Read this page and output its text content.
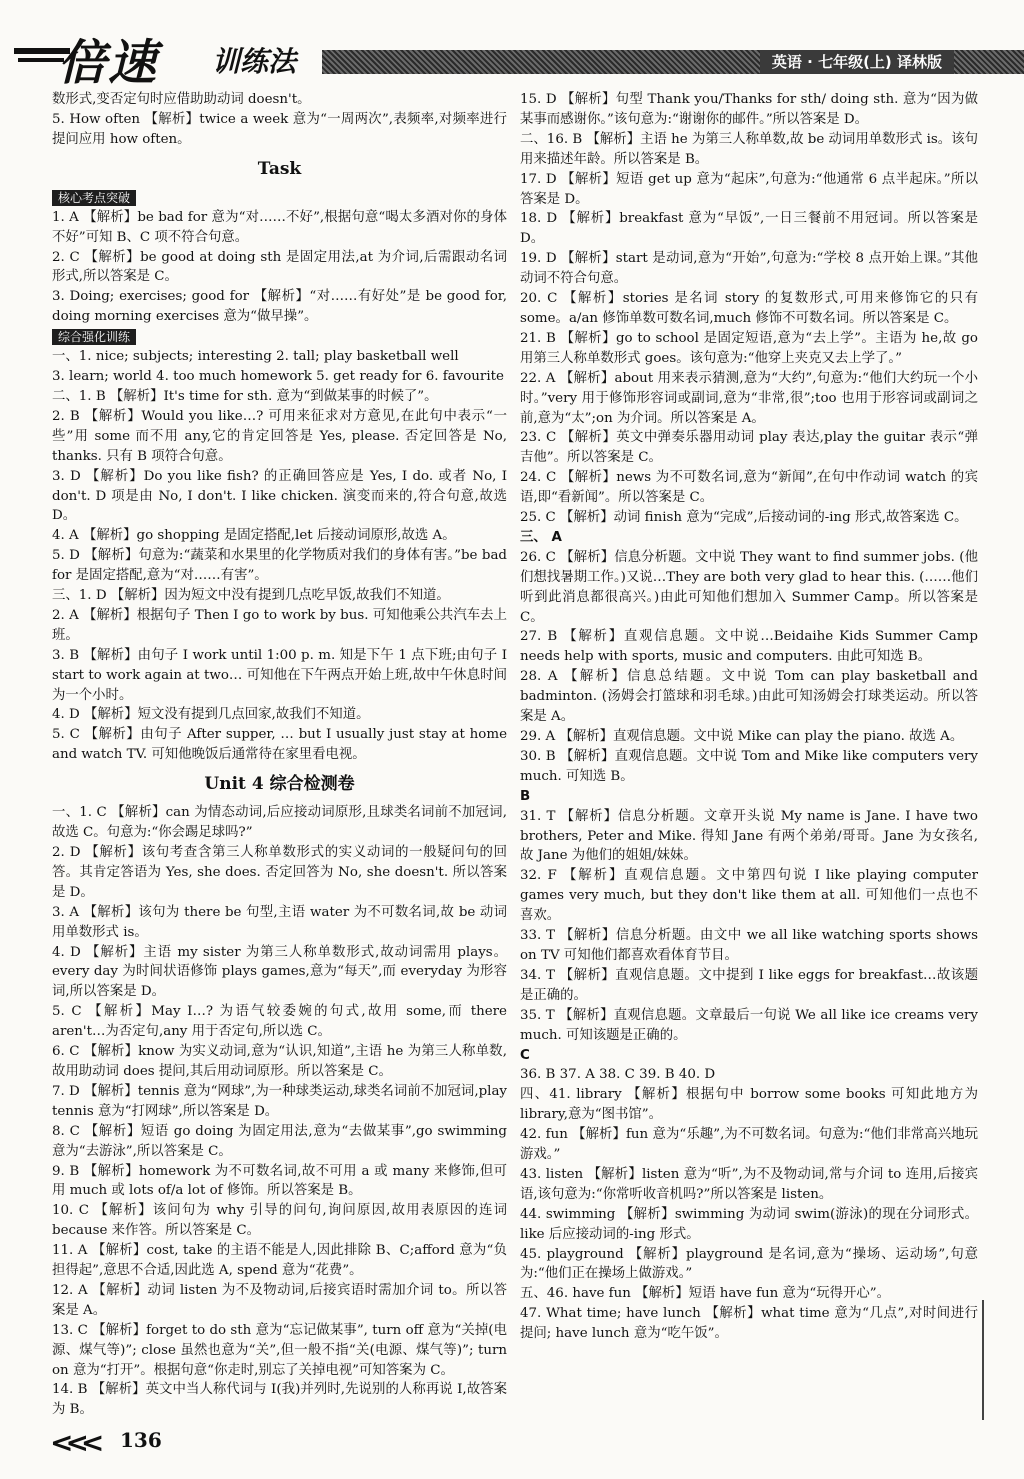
倍速 训练法	英语 · 七年级(上) 译林版

数形式,变否定句时应借助助动词 doesn't。

5. How often 【解析】twice a week 意为“一周两次”,表频率,对频率进行提问应用 how often。

Task
核心考点突破

1. A 【解析】be bad for 意为“对……不好”,根据句意“喝太多酒对你的身体不好”可知 B、C 项不符合句意。

2. C 【解析】be good at doing sth 是固定用法,at 为介词,后需跟动名词形式,所以答案是 C。

3. Doing; exercises; good for 【解析】“对……有好处”是 be good for, doing morning exercises 意为“做早操”。

综合强化训练

一、1. nice; subjects; interesting 2. tall; play basketball well

3. learn; world 4. too much homework 5. get ready for 6. favourite

二、1. B 【解析】It's time for sth. 意为“到做某事的时候了”。

2. B 【解析】Would you like…? 可用来征求对方意见,在此句中表示“一些”用 some 而不用 any,它的肯定回答是 Yes, please. 否定回答是 No, thanks. 只有 B 项符合句意。

3. D 【解析】Do you like fish? 的正确回答应是 Yes, I do. 或者 No, I don't. D 项是由 No, I don't. I like chicken. 演变而来的,符合句意,故选 D。

4. A 【解析】go shopping 是固定搭配,let 后接动词原形,故选 A。

5. D 【解析】句意为:“蔬菜和水果里的化学物质对我们的身体有害。”be bad for 是固定搭配,意为“对……有害”。

三、1. D 【解析】因为短文中没有提到几点吃早饭,故我们不知道。

2. A 【解析】根据句子 Then I go to work by bus. 可知他乘公共汽车去上班。

3. B 【解析】由句子 I work until 1:00 p. m. 知是下午 1 点下班;由句子 I start to work again at two… 可知他在下午两点开始上班,故中午休息时间为一个小时。

4. D 【解析】短文没有提到几点回家,故我们不知道。

5. C 【解析】由句子 After supper, … but I usually just stay at home and watch TV. 可知他晚饭后通常待在家里看电视。

Unit 4 综合检测卷

一、1. C 【解析】can 为情态动词,后应接动词原形,且球类名词前不加冠词,故选 C。句意为:“你会踢足球吗?”

2. D 【解析】该句考查含第三人称单数形式的实义动词的一般疑问句的回答。其肯定答语为 Yes, she does. 否定回答为 No, she doesn't. 所以答案是 D。

3. A 【解析】该句为 there be 句型,主语 water 为不可数名词,故 be 动词用单数形式 is。

4. D 【解析】主语 my sister 为第三人称单数形式,故动词需用 plays。every day 为时间状语修饰 plays games,意为“每天”,而 everyday 为形容词,所以答案是 D。

5. C 【解析】May I…? 为语气较委婉的句式,故用 some,而 there aren't…为否定句,any 用于否定句,所以选 C。

6. C 【解析】know 为实义动词,意为“认识,知道”,主语 he 为第三人称单数,故用助动词 does 提问,其后用动词原形。所以答案是 C。

7. D 【解析】tennis 意为“网球”,为一种球类运动,球类名词前不加冠词,play tennis 意为“打网球”,所以答案是 D。

8. C 【解析】短语 go doing 为固定用法,意为“去做某事”,go swimming 意为“去游泳”,所以答案是 C。

9. B 【解析】homework 为不可数名词,故不可用 a 或 many 来修饰,但可用 much 或 lots of/a lot of 修饰。所以答案是 B。

10. C 【解析】该问句为 why 引导的问句,询问原因,故用表原因的连词 because 来作答。所以答案是 C。

11. A 【解析】cost, take 的主语不能是人,因此排除 B、C;afford 意为“负担得起”,意思不合适,因此选 A, spend 意为“花费”。

12. A 【解析】动词 listen 为不及物动词,后接宾语时需加介词 to。所以答案是 A。

13. C 【解析】forget to do sth 意为“忘记做某事”, turn off 意为“关掉(电源、煤气等)”; close 虽然也意为“关”,但一般不指“关(电源、煤气等)”; turn on 意为“打开”。根据句意“你走时,别忘了关掉电视”可知答案为 C。

14. B 【解析】英文中当人称代词与 I(我)并列时,先说别的人称再说 I,故答案为 B。

15. D 【解析】句型 Thank you/Thanks for sth/ doing sth. 意为“因为做某事而感谢你。”该句意为:“谢谢你的邮件。”所以答案是 D。

二、16. B 【解析】主语 he 为第三人称单数,故 be 动词用单数形式 is。该句用来描述年龄。所以答案是 B。

17. D 【解析】短语 get up 意为“起床”,句意为:“他通常 6 点半起床。”所以答案是 D。

18. D 【解析】breakfast 意为“早饭”,一日三餐前不用冠词。所以答案是 D。

19. D 【解析】start 是动词,意为“开始”,句意为:“学校 8 点开始上课。”其他动词不符合句意。

20. C 【解析】stories 是名词 story 的复数形式,可用来修饰它的只有 some。a/an 修饰单数可数名词,much 修饰不可数名词。所以答案是 C。

21. B 【解析】go to school 是固定短语,意为“去上学”。主语为 he,故 go 用第三人称单数形式 goes。该句意为:“他穿上夹克又去上学了。”

22. A 【解析】about 用来表示猜测,意为“大约”,句意为:“他们大约玩一个小时。”very 用于修饰形容词或副词,意为“非常,很”;too 也用于形容词或副词之前,意为“太”;on 为介词。所以答案是 A。

23. C 【解析】英文中弹奏乐器用动词 play 表达,play the guitar 表示“弹吉他”。所以答案是 C。

24. C 【解析】news 为不可数名词,意为“新闻”,在句中作动词 watch 的宾语,即“看新闻”。所以答案是 C。

25. C 【解析】动词 finish 意为“完成”,后接动词的-ing 形式,故答案选 C。

三、 A

26. C 【解析】信息分析题。文中说 They want to find summer jobs. (他们想找暑期工作。)又说…They are both very glad to hear this. (……他们听到此消息都很高兴。)由此可知他们想加入 Summer Camp。所以答案是 C。

27. B 【解析】直观信息题。文中说…Beidaihe Kids Summer Camp needs help with sports, music and computers. 由此可知选 B。

28. A 【解析】信息总结题。文中说 Tom can play basketball and badminton. (汤姆会打篮球和羽毛球。)由此可知汤姆会打球类运动。所以答案是 A。

29. A 【解析】直观信息题。文中说 Mike can play the piano. 故选 A。

30. B 【解析】直观信息题。文中说 Tom and Mike like computers very much. 可知选 B。

B

31. T 【解析】信息分析题。文章开头说 My name is Jane. I have two brothers, Peter and Mike. 得知 Jane 有两个弟弟/哥哥。Jane 为女孩名,故 Jane 为他们的姐姐/妹妹。

32. F 【解析】直观信息题。文中第四句说 I like playing computer games very much, but they don't like them at all. 可知他们一点也不喜欢。

33. T 【解析】信息分析题。由文中 we all like watching sports shows on TV 可知他们都喜欢看体育节目。

34. T 【解析】直观信息题。文中提到 I like eggs for breakfast…故该题是正确的。

35. T 【解析】直观信息题。文章最后一句说 We all like ice creams very much. 可知该题是正确的。

C

36. B 37. A 38. C 39. B 40. D

四、41. library 【解析】根据句中 borrow some books 可知此地方为 library,意为“图书馆”。

42. fun 【解析】fun 意为“乐趣”,为不可数名词。句意为:“他们非常高兴地玩游戏。”

43. listen 【解析】listen 意为“听”,为不及物动词,常与介词 to 连用,后接宾语,该句意为:“你常听收音机吗?”所以答案是 listen。

44. swimming 【解析】swimming 为动词 swim(游泳)的现在分词形式。like 后应接动词的-ing 形式。

45. playground 【解析】playground 是名词,意为“操场、运动场”,句意为:“他们正在操场上做游戏。”

五、46. have fun 【解析】短语 have fun 意为“玩得开心”。

47. What time; have lunch 【解析】what time 意为“几点”,对时间进行提问; have lunch 意为“吃午饭”。

<<< 136
